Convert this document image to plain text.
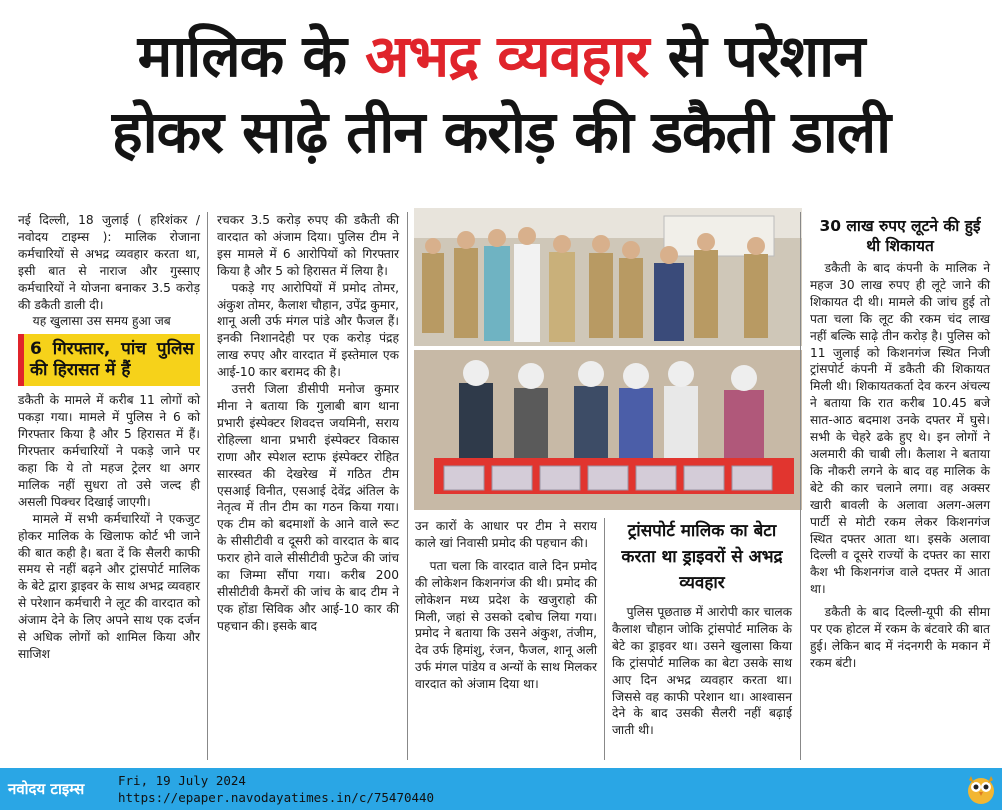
मालिक के अभद्र व्यवहार से परेशान
होकर साढ़े तीन करोड़ की डकैती डाली

नई दिल्ली, 18 जुलाई ( हरिशंकर / नवोदय टाइम्स ): मालिक रोजाना कर्मचारियों से अभद्र व्यवहार करता था, इसी बात से नाराज और गुस्साए कर्मचारियों ने योजना बनाकर 3.5 करोड़ की डकैती डाली दी।

यह खुलासा उस समय हुआ जब

6 गिरफ्तार, पांच पुलिस की हिरासत में हैं

डकैती के मामले में करीब 11 लोगों को पकड़ा गया। मामले में पुलिस ने 6 को गिरफ्तार किया है और 5 हिरासत में हैं। गिरफ्तार कर्मचारियों ने पकड़े जाने पर कहा कि ये तो महज ट्रेलर था अगर मालिक नहीं सुधरा तो उसे जल्द ही असली पिक्चर दिखाई जाएगी।

मामले में सभी कर्मचारियों ने एकजुट होकर मालिक के खिलाफ कोर्ट भी जाने की बात कही है। बता दें कि सैलरी काफी समय से नहीं बढ़ने और ट्रांसपोर्ट मालिक के बेटे द्वारा ड्राइवर के साथ अभद्र व्यवहार से परेशान कर्मचारी ने लूट की वारदात को अंजाम देने के लिए अपने साथ एक दर्जन से अधिक लोगों को शामिल किया और साजिश

रचकर 3.5 करोड़ रुपए की डकैती की वारदात को अंजाम दिया। पुलिस टीम ने इस मामले में 6 आरोपियों को गिरफ्तार किया है और 5 को हिरासत में लिया है।

पकड़े गए आरोपियों में प्रमोद तोमर, अंकुश तोमर, कैलाश चौहान, उपेंद्र कुमार, शानू अली उर्फ मंगल पांडे और फैजल हैं। इनकी निशानदेही पर एक करोड़ पंद्रह लाख रुपए और वारदात में इस्तेमाल एक आई-10 कार बरामद की है।

उत्तरी जिला डीसीपी मनोज कुमार मीना ने बताया कि गुलाबी बाग थाना प्रभारी इंस्पेक्टर शिवदत्त जयमिनी, सराय रोहिल्ला थाना प्रभारी इंस्पेक्टर विकास राणा और स्पेशल स्टाफ इंस्पेक्टर रोहित सारस्वत की देखरेख में गठित टीम एसआई विनीत, एसआई देवेंद्र अंतिल के नेतृत्व में तीन टीम का गठन किया गया। एक टीम को बदमाशों के आने वाले रूट के सीसीटीवी व दूसरी को वारदात के बाद फरार होने वाले सीसीटीवी फुटेज की जांच का जिम्मा सौंपा गया। करीब 200 सीसीटीवी कैमरों की जांच के बाद टीम ने एक होंडा सिविक और आई-10 कार की पहचान की। इसके बाद

उन कारों के आधार पर टीम ने सराय काले खां निवासी प्रमोद की पहचान की।

पता चला कि वारदात वाले दिन प्रमोद की लोकेशन किशनगंज की थी। प्रमोद की लोकेशन मध्य प्रदेश के खजुराहो की मिली, जहां से उसको दबोच लिया गया। प्रमोद ने बताया कि उसने अंकुश, तंजीम, देव उर्फ हिमांशु, रंजन, फैजल, शानू अली उर्फ मंगल पांडेय व अन्यों के साथ मिलकर वारदात को अंजाम दिया था।

ट्रांसपोर्ट मालिक का बेटा करता था ड्राइवरों से अभद्र व्यवहार

पुलिस पूछताछ में आरोपी कार चालक कैलाश चौहान जोकि ट्रांसपोर्ट मालिक के बेटे का ड्राइवर था। उसने खुलासा किया कि ट्रांसपोर्ट मालिक का बेटा उसके साथ आए दिन अभद्र व्यवहार करता था। जिससे वह काफी परेशान था। आश्वासन देने के बाद उसकी सैलरी नहीं बढ़ाई जाती थी।

30 लाख रुपए लूटने की हुई थी शिकायत

डकैती के बाद कंपनी के मालिक ने महज 30 लाख रुपए ही लूटे जाने की शिकायत दी थी। मामले की जांच हुई तो पता चला कि लूट की रकम चंद लाख नहीं बल्कि साढ़े तीन करोड़ है। पुलिस को 11 जुलाई को किशनगंज स्थित निजी ट्रांसपोर्ट कंपनी में डकैती की शिकायत मिली थी। शिकायतकर्ता देव करन अंचल्य ने बताया कि रात करीब 10.45 बजे सात-आठ बदमाश उनके दफ्तर में घुसे। सभी के चेहरे ढके हुए थे। इन लोगों ने अलमारी की चाबी ली। कैलाश ने बताया कि नौकरी लगने के बाद वह मालिक के बेटे की कार चलाने लगा। वह अक्सर खारी बावली के अलावा अलग-अलग पार्टी से मोटी रकम लेकर किशनगंज स्थित दफ्तर आता था। इसके अलावा दिल्ली व दूसरे राज्यों के दफ्तर का सारा कैश भी किशनगंज वाले दफ्तर में आता था।

डकैती के बाद दिल्ली-यूपी की सीमा पर एक होटल में रकम के बंटवारे की बात हुई। लेकिन बाद में नंदनगरी के मकान में रकम बंटी।

नवोदय टाइम्स	Fri, 19 July 2024
https://epaper.navodayatimes.in/c/75470440
